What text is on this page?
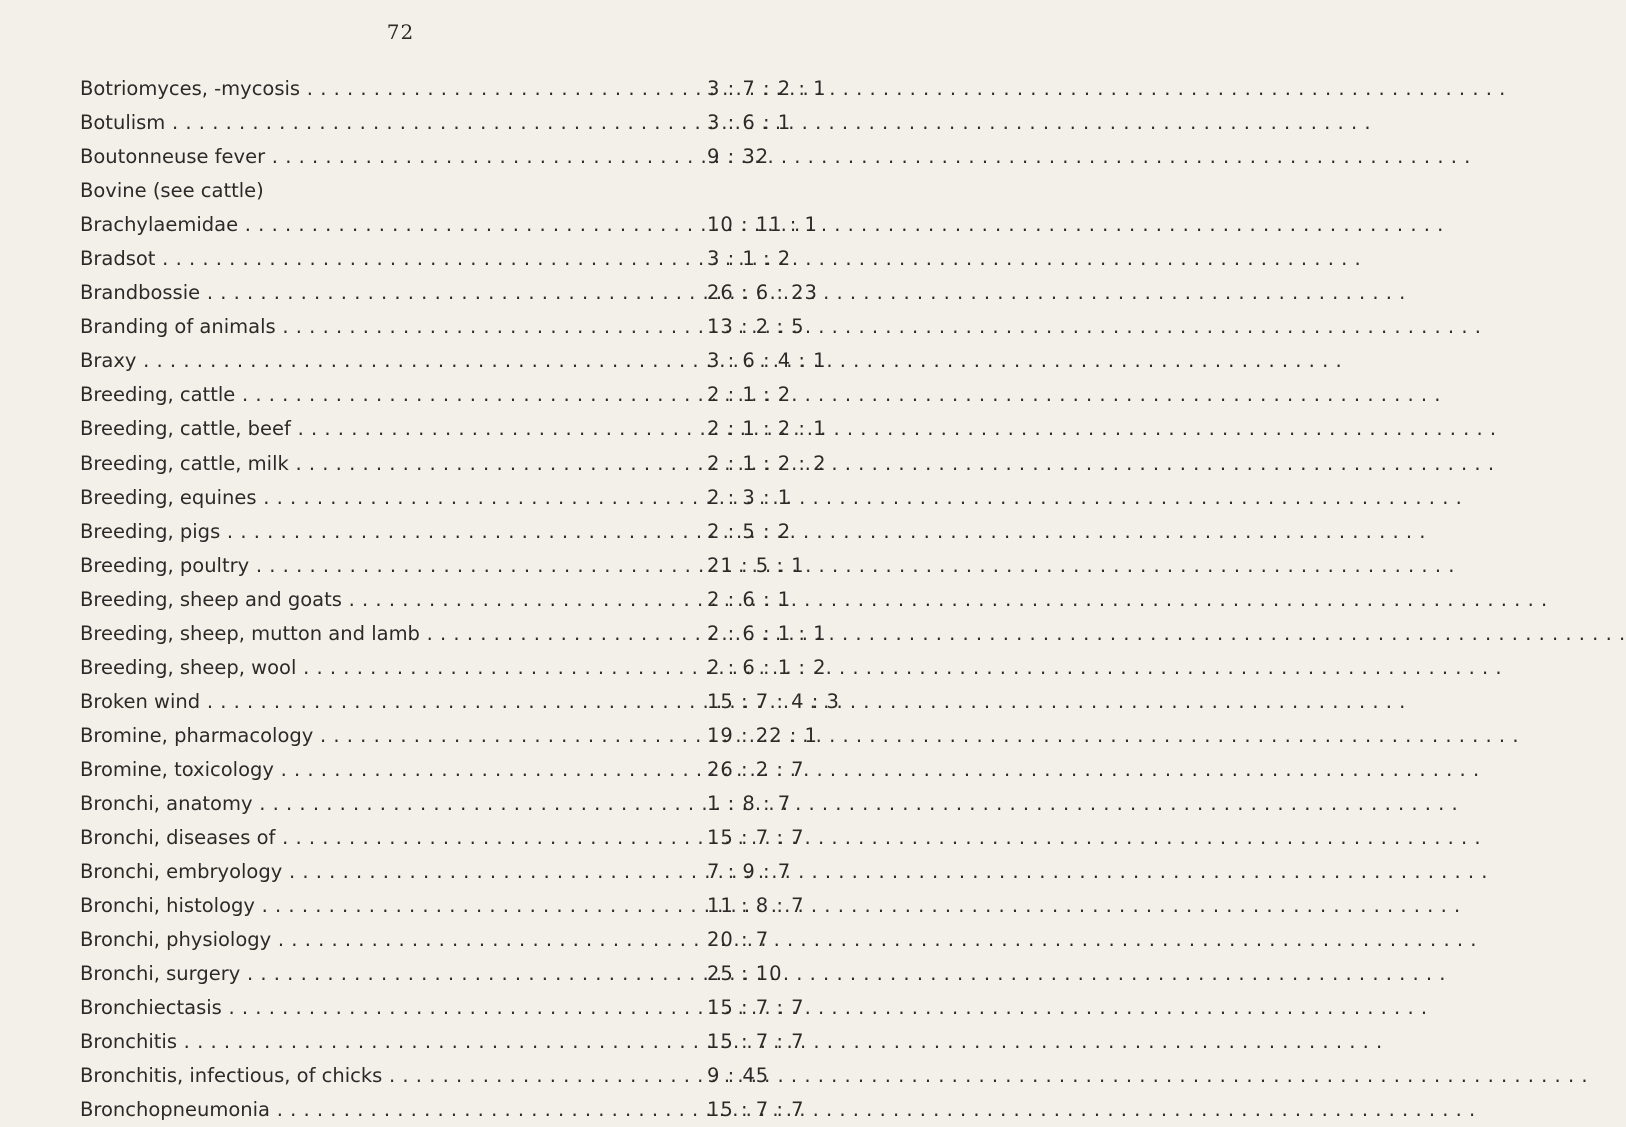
72
Botriomyces, -mycosis . . .	3 : 7 : 2 : 1
Botulism . . .	3 : 6 : 1
Boutonneuse fever . . .	9 : 32
Bovine (see cattle)
Brachylaemidae . . .	10 : 11 : 1
Bradsot . . .	3 : 1 : 2
Brandbossie . . .	26 : 6 : 23
Branding of animals . . .	13 : 2 : 5
Braxy . . .	3 : 6 : 4 : 1
Breeding, cattle . . .	2 : 1 : 2
Breeding, cattle, beef . . .	2 : 1 : 2 : 1
Breeding, cattle, milk . . .	2 : 1 : 2 : 2
Breeding, equines . . .	2 : 3 : 1
Breeding, pigs . . .	2 : 5 : 2
Breeding, poultry . . .	21 : 5 : 1
Breeding, sheep and goats . . .	2 : 6 : 1
Breeding, sheep, mutton and lamb . . .	2 : 6 : 1 : 1
Breeding, sheep, wool . . .	2 : 6 : 1 : 2
Broken wind . . .	15 : 7 : 4 : 3
Bromine, pharmacology . . .	19 : 22 : 1
Bromine, toxicology . . .	26 : 2 : 7
Bronchi, anatomy . . .	1 : 8 : 7
Bronchi, diseases of . . .	15 : 7 : 7
Bronchi, embryology . . .	7 : 9 : 7
Bronchi, histology . . .	11 : 8 : 7
Bronchi, physiology . . .	20 : 7
Bronchi, surgery . . .	25 : 10
Bronchiectasis . . .	15 : 7 : 7
Bronchitis . . .	15 : 7 : 7
Bronchitis, infectious, of chicks . . .	9 : 45
Bronchopneumonia . . .	15 : 7 : 7
